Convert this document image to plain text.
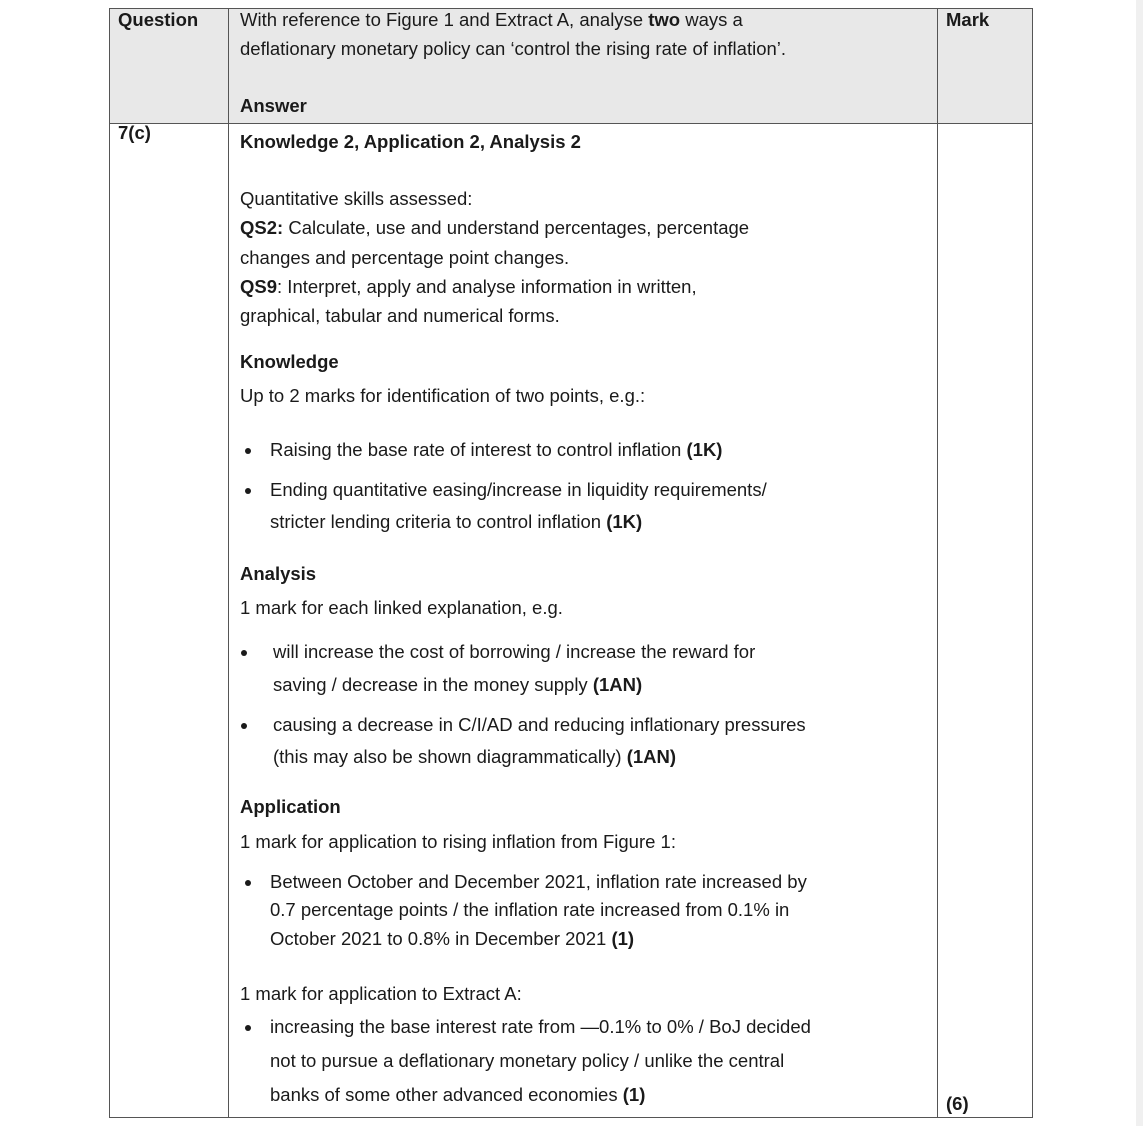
Question With reference to Figure 1 and Extract A, analyse two ways a
deflationary monetary policy can ‘control the rising rate of inflation’.
Answer
Mark
7(c)	Knowledge 2, Application 2, Analysis 2
Quantitative skills assessed:
QS2: Calculate, use and understand percentages, percentage
changes and percentage point changes.
QS9: Interpret, apply and analyse information in written,
graphical, tabular and numerical forms.
Knowledge
Up to 2 marks for identification of two points, e.g.:
Raising the base rate of interest to control inflation (1K)
Ending quantitative easing/increase in liquidity requirements/
stricter lending criteria to control inflation (1K)
Analysis
1 mark for each linked explanation, e.g.
will increase the cost of borrowing / increase the reward for
saving / decrease in the money supply (1AN)
causing a decrease in C/I/AD and reducing inflationary pressures
(this may also be shown diagrammatically) (1AN)
Application
1 mark for application to rising inflation from Figure 1:
Between October and December 2021, inflation rate increased by
0.7 percentage points / the inflation rate increased from 0.1% in
October 2021 to 0.8% in December 2021 (1)
1 mark for application to Extract A:
increasing the base interest rate from —0.1% to 0% / BoJ decided
not to pursue a deflationary monetary policy / unlike the central
banks of some other advanced economies (1)	(6)
